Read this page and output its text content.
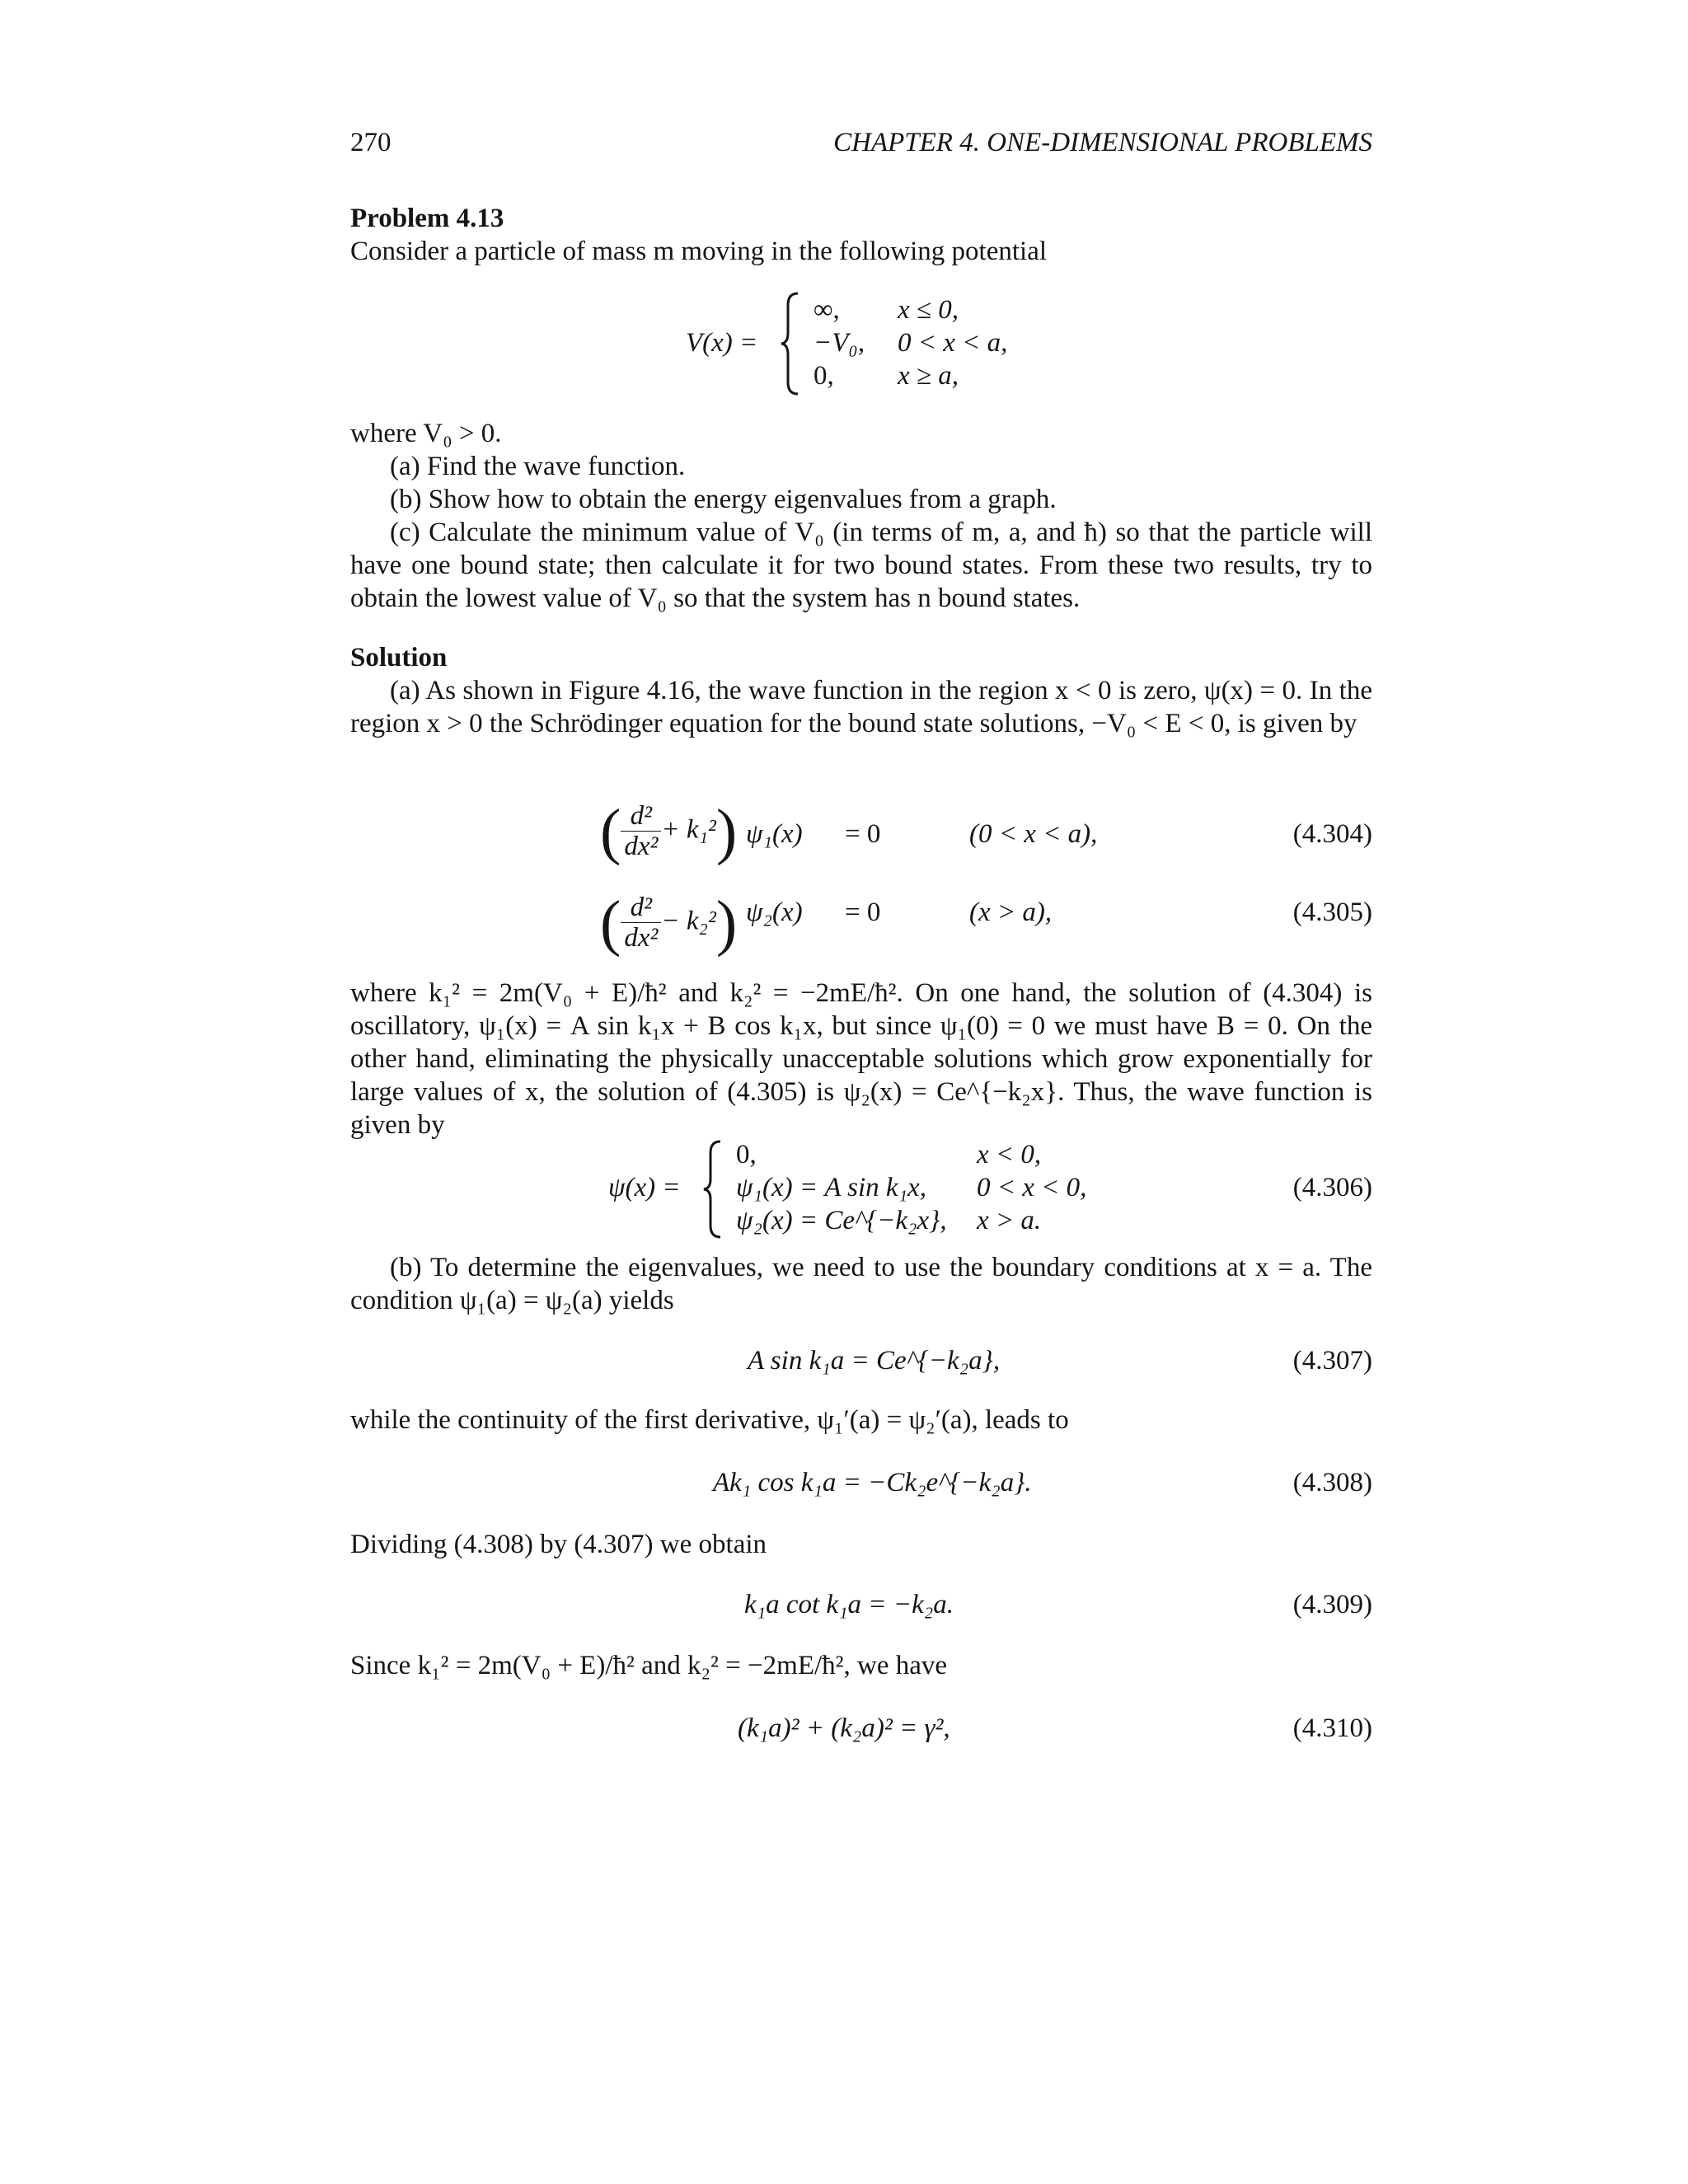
270	CHAPTER 4. ONE-DIMENSIONAL PROBLEMS
Problem 4.13
Consider a particle of mass m moving in the following potential
V(x) =
∞, x ≤ 0,
−V₀, 0 < x < a,
0, x ≥ a,
where V₀ > 0.
(a) Find the wave function.
(b) Show how to obtain the energy eigenvalues from a graph.
(c) Calculate the minimum value of V₀ (in terms of m, a, and ħ) so that the particle will have one bound state; then calculate it for two bound states. From these two results, try to obtain the lowest value of V₀ so that the system has n bound states.
Solution
(a) As shown in Figure 4.16, the wave function in the region x < 0 is zero, ψ(x) = 0. In the region x > 0 the Schrödinger equation for the bound state solutions, −V₀ < E < 0, is given by
( $\frac{\text{d²}}{\text{dx²}} + k_1^2$) ψ₁(x) = 0	(0 < x < a),	(4.304)
( $\frac{\text{d²}}{\text{dx²}} - k_2^2$) ψ₂(x) = 0	(x > a),	(4.305)
where k₁² = 2m(V₀ + E)/ħ² and k₂² = −2mE/ħ². On one hand, the solution of (4.304) is oscillatory, ψ₁(x) = A sin k₁x + B cos k₁x, but since ψ₁(0) = 0 we must have B = 0. On the other hand, eliminating the physically unacceptable solutions which grow exponentially for large values of x, the solution of (4.305) is ψ₂(x) = Ce^{−k₂x}. Thus, the wave function is given by
ψ(x) =
0,	x < 0,
ψ₁(x) = A sin k₁x, 0 < x < 0,
ψ₂(x) = Ce^{−k₂x}, x > a.
(4.306)
(b) To determine the eigenvalues, we need to use the boundary conditions at x = a. The condition ψ₁(a) = ψ₂(a) yields
A sin k₁a = Ce^{−k₂a},	(4.307)
while the continuity of the first derivative, ψ₁′(a) = ψ₂′(a), leads to
Ak₁ cos k₁a = −Ck₂e^{−k₂a}.	(4.308)
Dividing (4.308) by (4.307) we obtain
k₁a cot k₁a = −k₂a.	(4.309)
Since k₁² = 2m(V₀ + E)/ħ² and k₂² = −2mE/ħ², we have
(k₁a)² + (k₂a)² = γ²,	(4.310)
